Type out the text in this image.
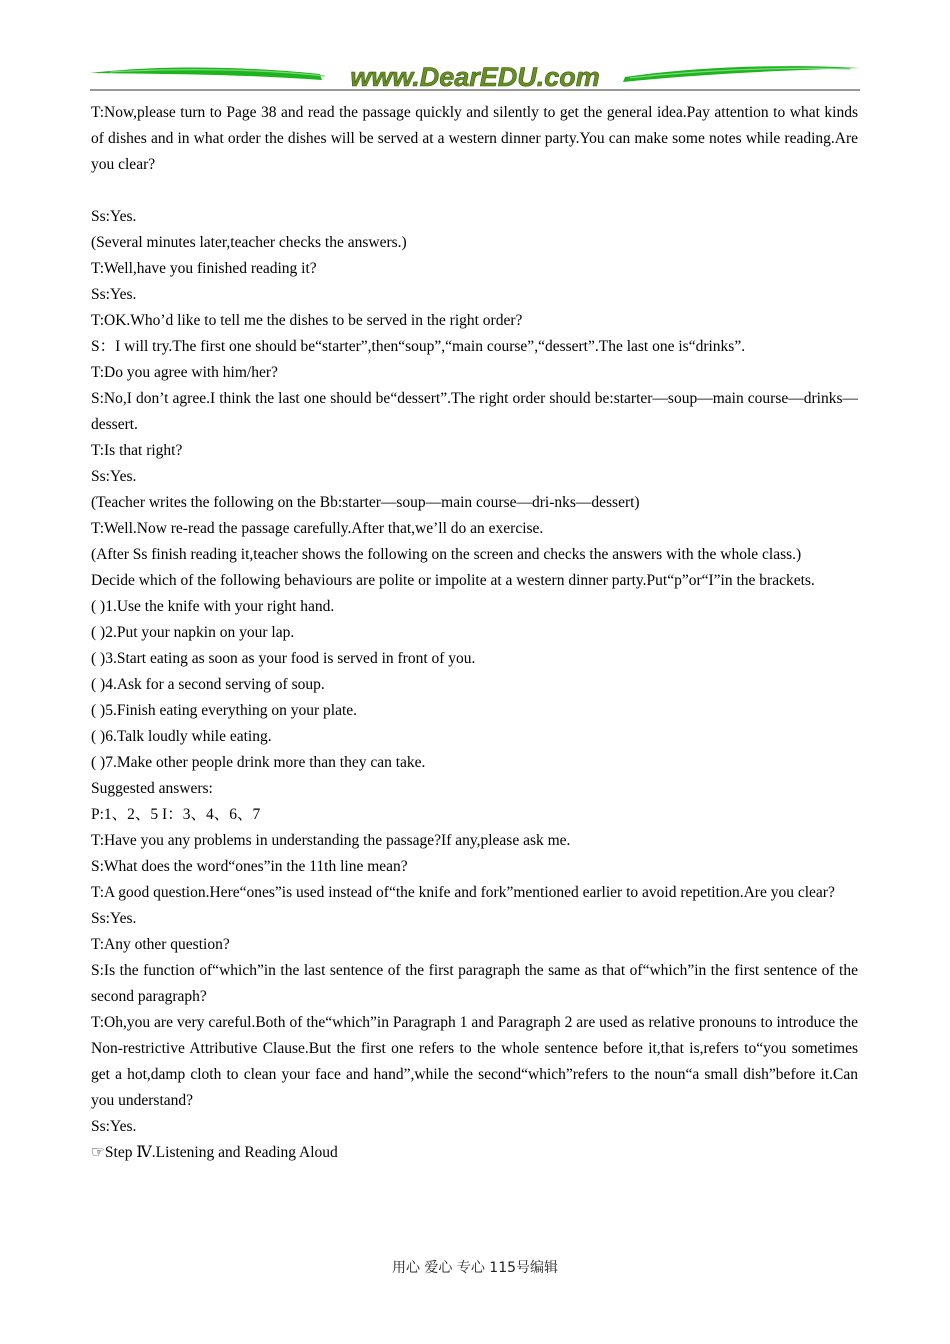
www.DearEDU.com

T:Now,please turn to Page 38 and read the passage quickly and silently to get the general idea.Pay attention to what kinds of dishes and in what order the dishes will be served at a western dinner party.You can make some notes while reading.Are you clear?

Ss:Yes.

(Several minutes later,teacher checks the answers.)

T:Well,have you finished reading it?

Ss:Yes.

T:OK.Who’d like to tell me the dishes to be served in the right order?

S：I will try.The first one should be“starter”,then“soup”,“main course”,“dessert”.The last one is“drinks”.

T:Do you agree with him/her?

S:No,I don’t agree.I think the last one should be“dessert”.The right order should be:starter—soup—main course—drinks—dessert.

T:Is that right?

Ss:Yes.

(Teacher writes the following on the Bb:starter—soup—main course—dri-nks—dessert)

T:Well.Now re-read the passage carefully.After that,we’ll do an exercise.

(After Ss finish reading it,teacher shows the following on the screen and checks the answers with the whole class.)

Decide which of the following behaviours are polite or impolite at a western dinner party.Put“p”or“I”in the brackets.

( )1.Use the knife with your right hand.

( )2.Put your napkin on your lap.

( )3.Start eating as soon as your food is served in front of you.

( )4.Ask for a second serving of soup.

( )5.Finish eating everything on your plate.

( )6.Talk loudly while eating.

( )7.Make other people drink more than they can take.

Suggested answers:

P:1、2、5 I：3、4、6、7

T:Have you any problems in understanding the passage?If any,please ask me.

S:What does the word“ones”in the 11th line mean?

T:A good question.Here“ones”is used instead of“the knife and fork”mentioned earlier to avoid repetition.Are you clear?

Ss:Yes.

T:Any other question?

S:Is the function of“which”in the last sentence of the first paragraph the same as that of“which”in the first sentence of the second paragraph?

T:Oh,you are very careful.Both of the“which”in Paragraph 1 and Paragraph 2 are used as relative pronouns to introduce the Non-restrictive Attributive Clause.But the first one refers to the whole sentence before it,that is,refers to“you sometimes get a hot,damp cloth to clean your face and hand”,while the second“which”refers to the noun“a small dish”before it.Can you understand?

Ss:Yes.

☞Step Ⅳ.Listening and Reading Aloud

用心 爱心 专心 115号编辑
